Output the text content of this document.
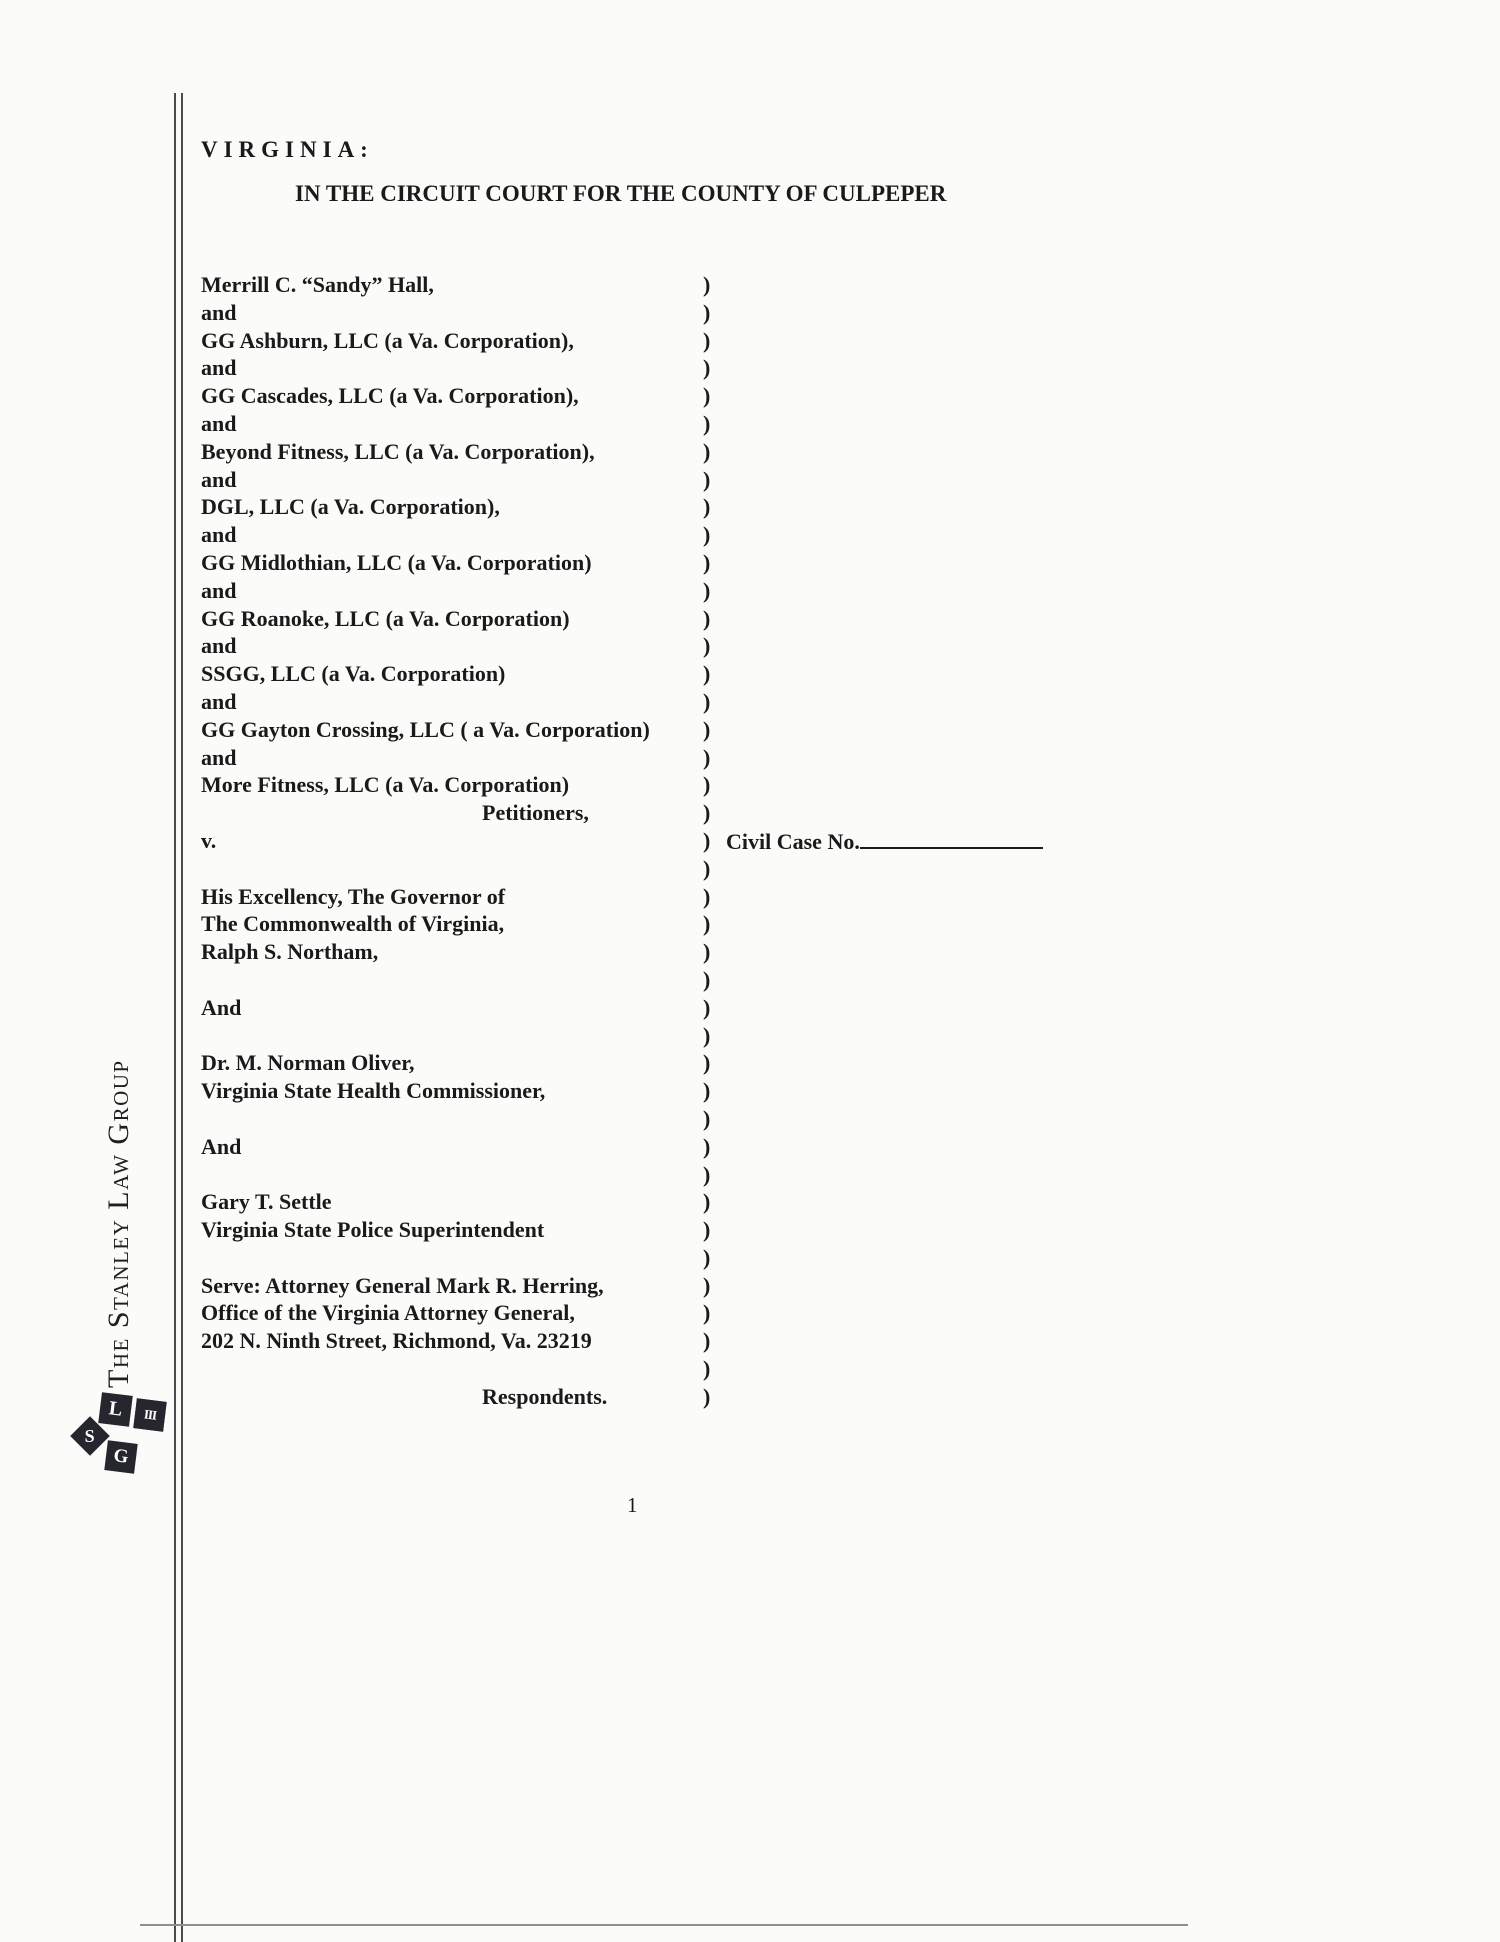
VIRGINIA:
IN THE CIRCUIT COURT FOR THE COUNTY OF CULPEPER
Merrill C. “Sandy” Hall,	)
and	)
GG Ashburn, LLC (a Va. Corporation),	)
and	)
GG Cascades, LLC (a Va. Corporation),	)
and	)
Beyond Fitness, LLC (a Va. Corporation),	)
and	)
DGL, LLC (a Va. Corporation),	)
and	)
GG Midlothian, LLC (a Va. Corporation)	)
and	)
GG Roanoke, LLC (a Va. Corporation)	)
and	)
SSGG, LLC (a Va. Corporation)	)
and	)
GG Gayton Crossing, LLC ( a Va. Corporation) )
and	)
More Fitness, LLC (a Va. Corporation)	)
Petitioners,	)
v.	) Civil Case No.
)
His Excellency, The Governor of	)
The Commonwealth of Virginia,	)
Ralph S. Northam,	)
)
And	)
)
Dr. M. Norman Oliver,	)
Virginia State Health Commissioner,	)
)
And	)
)
Gary T. Settle	)
Virginia State Police Superintendent	)
)
Serve: Attorney General Mark R. Herring,	)
Office of the Virginia Attorney General,	)
202 N. Ninth Street, Richmond, Va. 23219	)
)
Respondents.	)
1
The Stanley Law Group
L III
S
G
